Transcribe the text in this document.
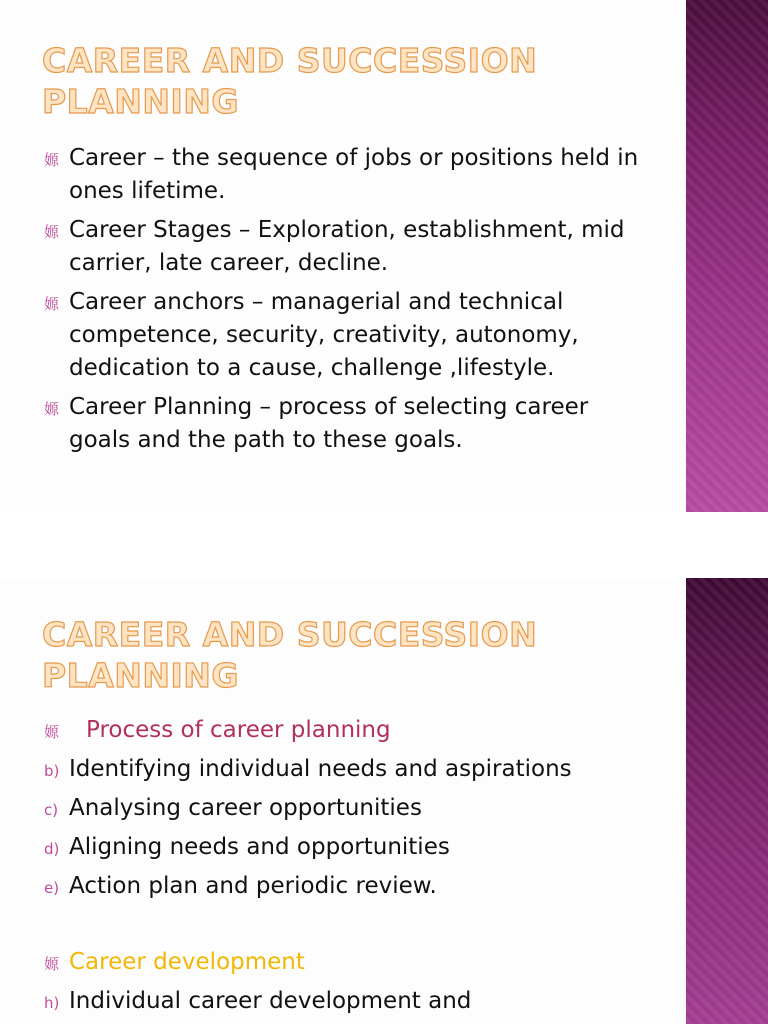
CAREER AND SUCCESSION PLANNING
嫄 Career – the sequence of jobs or positions held in ones lifetime.
嫄 Career Stages – Exploration, establishment, mid carrier, late career, decline.
嫄 Career anchors – managerial and technical competence, security, creativity, autonomy, dedication to a cause, challenge ,lifestyle.
嫄 Career Planning – process of selecting career goals and the path to these goals.
CAREER AND SUCCESSION PLANNING
嫄 Process of career planning
b) Identifying individual needs and aspirations
c) Analysing career opportunities
d) Aligning needs and opportunities
e) Action plan and periodic review.
嫄 Career development
h) Individual career development and
